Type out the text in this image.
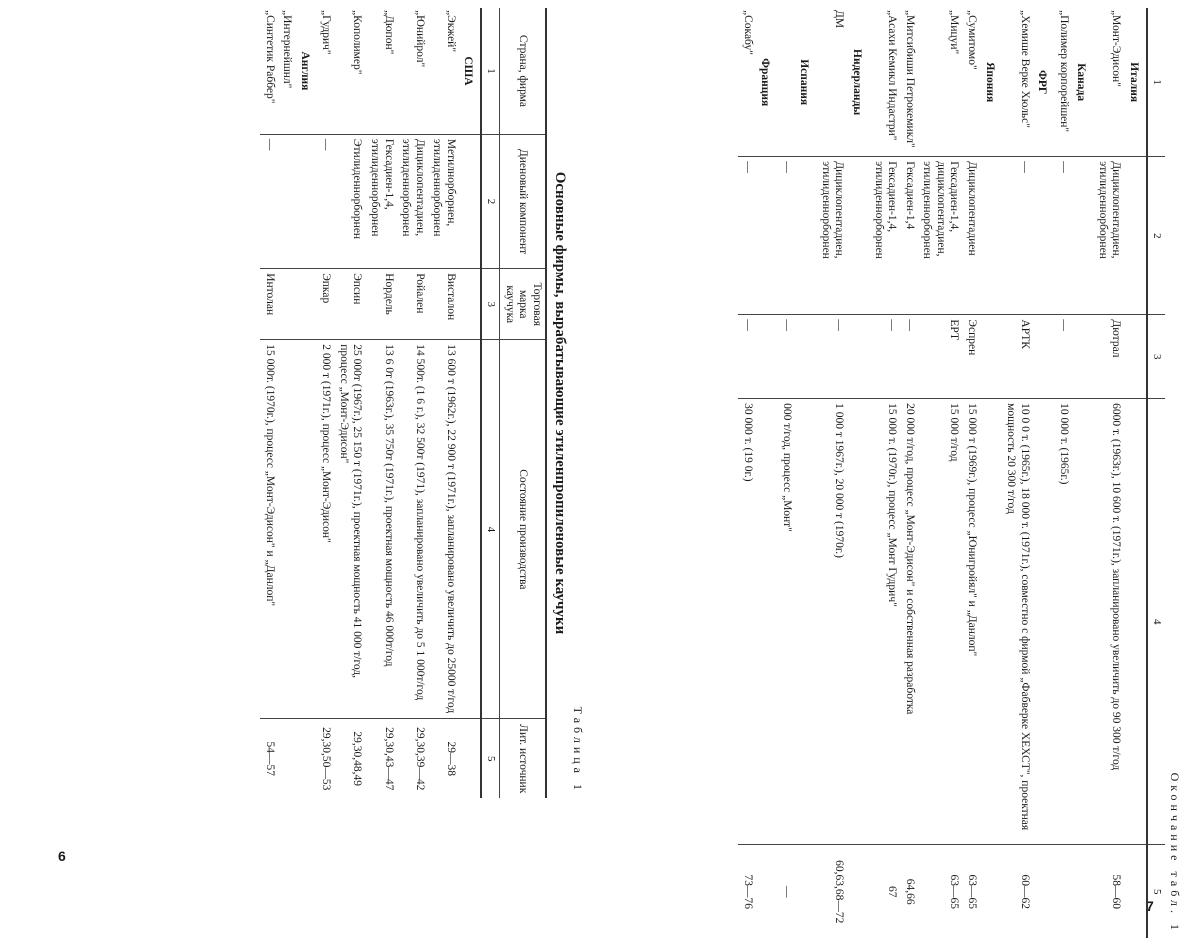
6
7
Таблица 1
Основные фирмы, вырабатывающие этиленпропиленовые каучуки
Страна, фирма	Диеновый компонент	Торговая марка каучука	Состояние производства	Лит. источник
1	2	3	4	5
США				
„Экжей"	Метилнорборнен, этилиденнорборнен	Висталон	13 600 т (1962г.), 22 900 т (1971г.), запланировано увеличить до 25000 т/год	29—38
„Юнийрол"	Дициклопентадиен, этилиденнорборнен	Ройален	14 500т. (1 6 г.), 32 500т (1971), запланировано увеличить до 5 1 000т/год	29,30,39—42
„Дюпон"	Гексадиен-1,4, этилиденнорборнен	Нордель	13 6 0т (1963г.), 35 750т (1971г.), проектная мощность 46 000т/год	29,30,43—47
„Кополимер"	Этилиденнорборнен	Эпсин	25 000т (1967г.), 25 150 т (1971г.), проектная мощность 41 000 т/год, процесс „Монт-Эдисон"	29,30,48,49
„Гудрич"	—	Эпкар	2 000 т (1971г.), процесс „Монт-Эдисон"	29,30,50—53
Англия				
„Интернейшнл"				
„Синтетик Раббер"	—	Интолан	15 000т. (1970г.), процесс „Монт-Эдисон" и „Данлоп"	54—57
Окончание табл. 1
1	2	3	4	5
Италия				
„Монт-Эдисон"	Дициклопентадиен, этилиденнорборнен	Дютрал	6000 т. (1963г.), 10 600 т. (1971г.), запланировано увеличить до 90 300 т/год	58—60
Канада				
„Полимер корпорейшен"	—	—	10 000 т. (1965г.)	
ФРГ				
„Хемише Верке Хюльс"	—	АРТК	10 0 0 т. (1965г.), 18 000 т. (1971г.), совместно с фирмой „Фабверке ХЕХСТ", проектная мощность 20 300 т/год	60—62
Япония				
„Сумитомо"	Дициклопентадиен	Эспрен	15 000 т (1969г.), процесс „Юнигройял" и „Данлоп"	63—65
„Мицуи"	Гексадиен-1,4, дициклопентадиен, этилиденнорборнен	ЕРТ	15 000 т/год	63—65
„Митсибиши Петрокемикл"	Гексадиен-1,4	—	20 000 т/год, процесс „Монт-Эдисон" и собственная разработка	64,66
„Асахи Кемикл Индастри"	Гексадиен-1,4, этилиденнорборнен	—	15 000 т. (1970г.), процесс „Монт Гудрич"	67
Нидерланды				
ДМ	Дициклопентадиен, этилиденнорборнен	—	1 000 т 1967г.), 20 000 т (1970г.)	60,63,68—72
Испания				
	—	—	000 т/год, процесс „Монт"	—
Франция				
„Сокабу"	—	—	30 000 т. (19 0г.)	73—76
